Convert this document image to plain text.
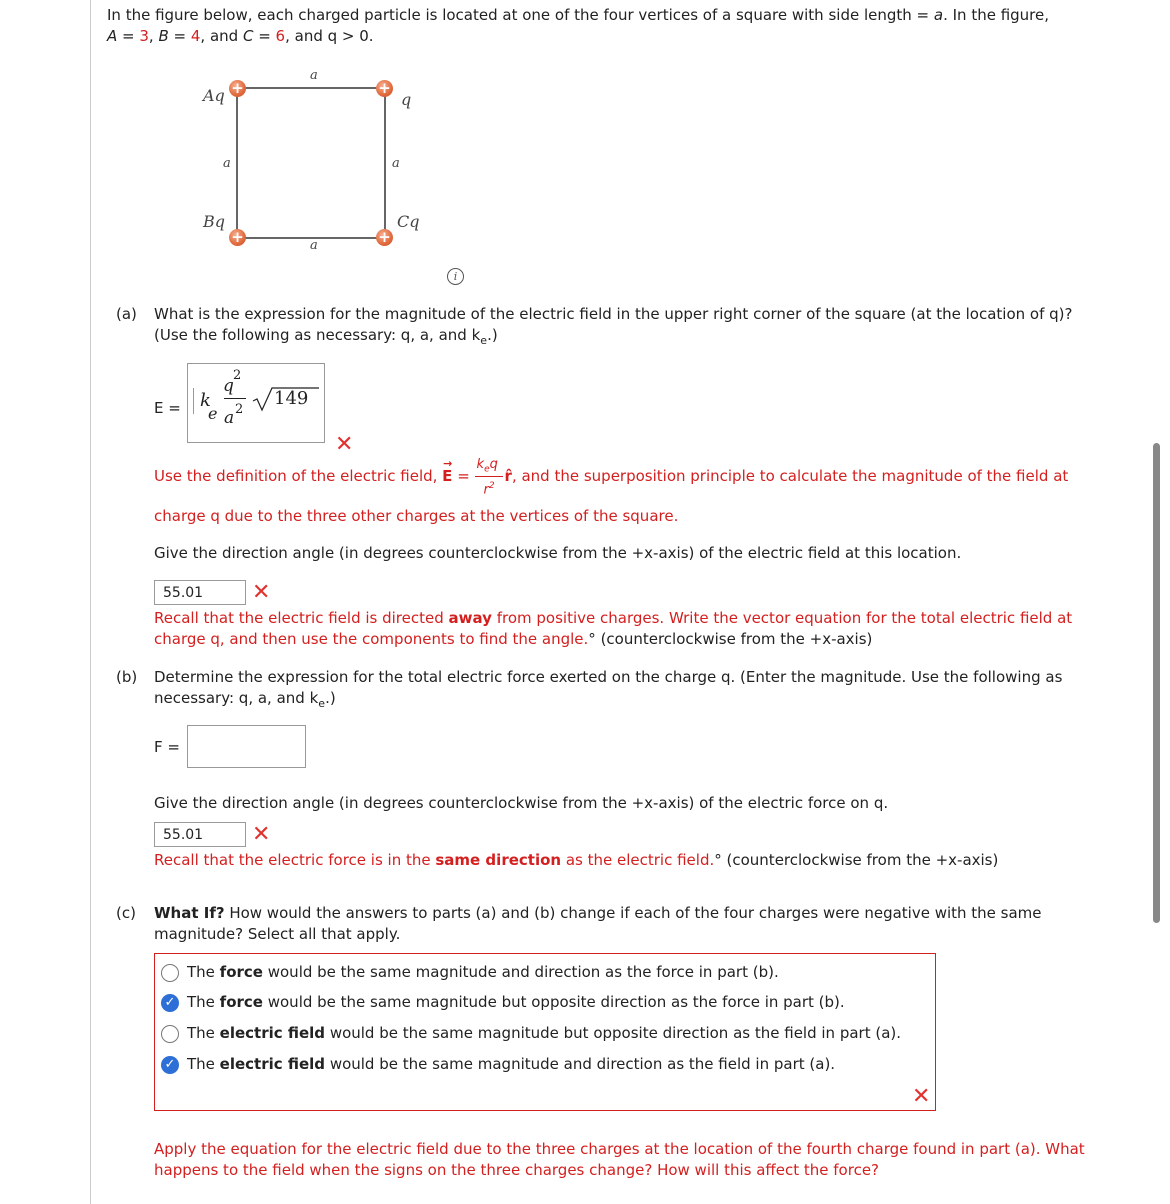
In the figure below, each charged particle is located at one of the four vertices of a square with side length = a. In the figure,
A = 3, B = 4, and C = 6, and q > 0.
+	+
+	+
Aq	q
Bq	Cq
a
a
a	a
i
(a) What is the expression for the magnitude of the electric field in the upper right corner of the square (at the location of q)?
(Use the following as necessary: q, a, and $k_e$.)
E = k
e
q
2
a 2
149
✕
Use the definition of the electric field, E
→
=
$k_eq$
$r^2$
r̂, and the superposition principle to calculate the magnitude of the field at
charge q due to the three other charges at the vertices of the square.
Give the direction angle (in degrees counterclockwise from the +x-axis) of the electric field at this location.
55.01	✕
Recall that the electric field is directed away from positive charges. Write the vector equation for the total electric field at
charge q, and then use the components to find the angle.° (counterclockwise from the +x-axis)
(b) Determine the expression for the total electric force exerted on the charge q. (Enter the magnitude. Use the following as
necessary: q, a, and $k_e$.)
F =
Give the direction angle (in degrees counterclockwise from the +x-axis) of the electric force on q.
55.01	✕
Recall that the electric force is in the same direction as the electric field.° (counterclockwise from the +x-axis)
(c) What If? How would the answers to parts (a) and (b) change if each of the four charges were negative with the same
magnitude? Select all that apply.
The force would be the same magnitude and direction as the force in part (b).
✓ The force would be the same magnitude but opposite direction as the force in part (b).
The electric field would be the same magnitude but opposite direction as the field in part (a).
✓ The electric field would be the same magnitude and direction as the field in part (a).
✕
Apply the equation for the electric field due to the three charges at the location of the fourth charge found in part (a). What
happens to the field when the signs on the three charges change? How will this affect the force?
